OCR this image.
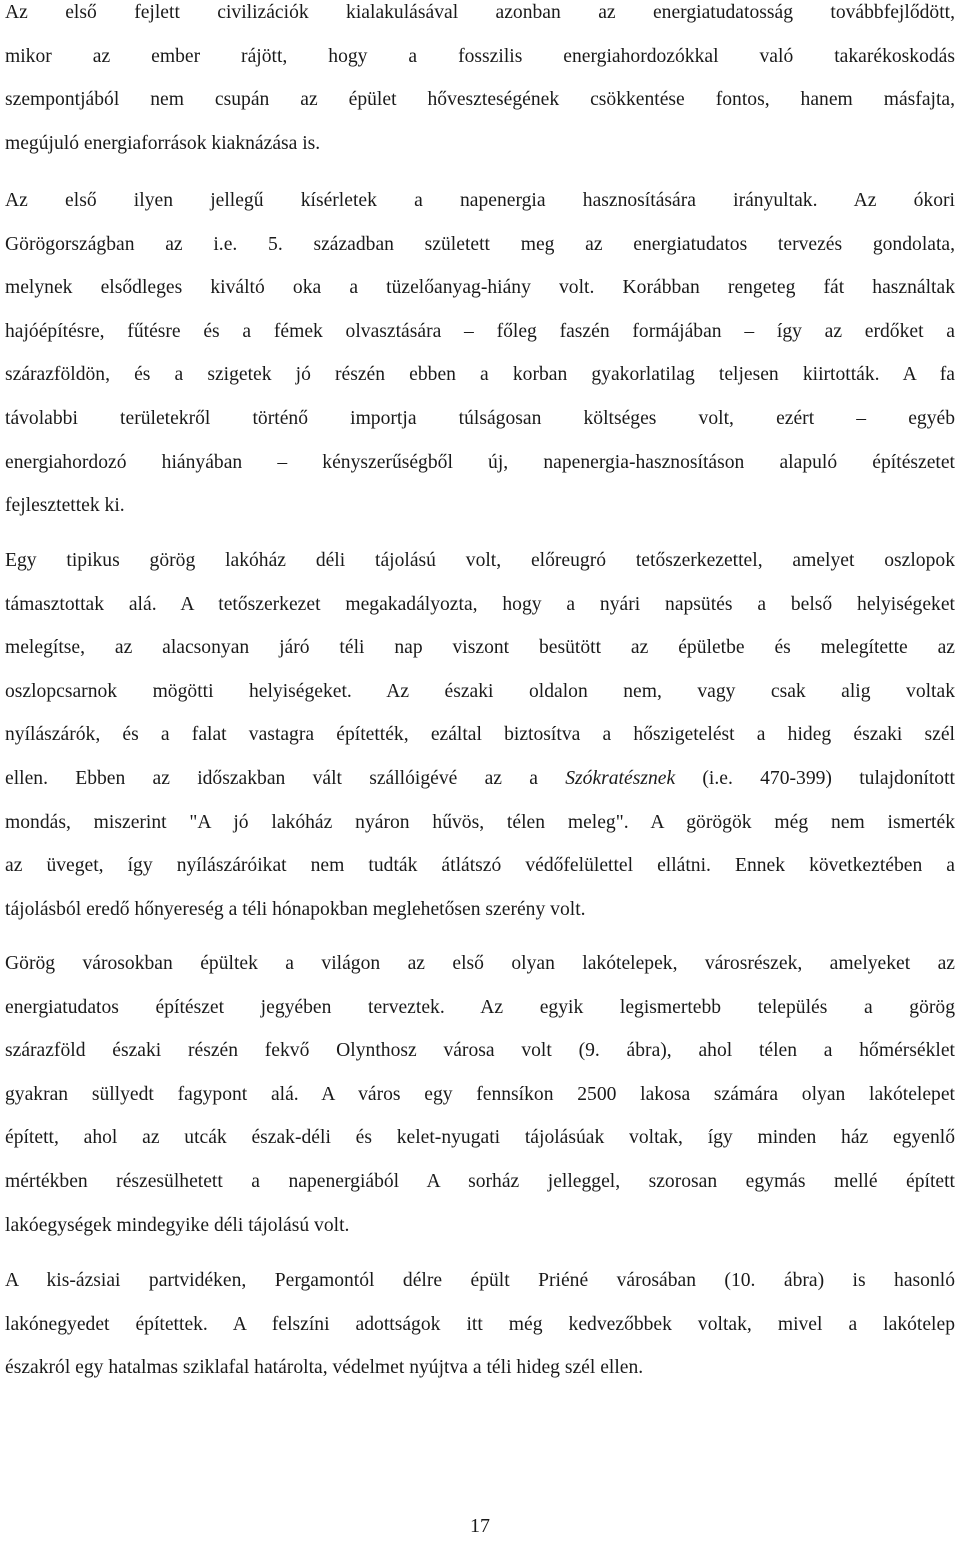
Az első fejlett civilizációk kialakulásával azonban az energiatudatosság továbbfejlődött,
mikor az ember rájött, hogy a fosszilis energiahordozókkal való takarékoskodás
szempontjából nem csupán az épület hőveszteségének csökkentése fontos, hanem másfajta,
megújuló energiaforrások kiaknázása is.
Az első ilyen jellegű kísérletek a napenergia hasznosítására irányultak. Az ókori
Görögországban az i.e. 5. században született meg az energiatudatos tervezés gondolata,
melynek elsődleges kiváltó oka a tüzelőanyag-hiány volt. Korábban rengeteg fát használtak
hajóépítésre, fűtésre és a fémek olvasztására – főleg faszén formájában – így az erdőket a
szárazföldön, és a szigetek jó részén ebben a korban gyakorlatilag teljesen kiirtották. A fa
távolabbi területekről történő importja túlságosan költséges volt, ezért – egyéb
energiahordozó hiányában – kényszerűségből új, napenergia-hasznosításon alapuló építészetet
fejlesztettek ki.
Egy tipikus görög lakóház déli tájolású volt, előreugró tetőszerkezettel, amelyet oszlopok
támasztottak alá. A tetőszerkezet megakadályozta, hogy a nyári napsütés a belső helyiségeket
melegítse, az alacsonyan járó téli nap viszont besütött az épületbe és melegítette az
oszlopcsarnok mögötti helyiségeket. Az északi oldalon nem, vagy csak alig voltak
nyílászárók, és a falat vastagra építették, ezáltal biztosítva a hőszigetelést a hideg északi szél
ellen. Ebben az időszakban vált szállóigévé az a Szókratésznek (i.e. 470-399) tulajdonított
mondás, miszerint "A jó lakóház nyáron hűvös, télen meleg". A görögök még nem ismerték
az üveget, így nyílászáróikat nem tudták átlátszó védőfelülettel ellátni. Ennek következtében a
tájolásból eredő hőnyereség a téli hónapokban meglehetősen szerény volt.
Görög városokban épültek a világon az első olyan lakótelepek, városrészek, amelyeket az
energiatudatos építészet jegyében terveztek. Az egyik legismertebb település a görög
szárazföld északi részén fekvő Olynthosz városa volt (9. ábra), ahol télen a hőmérséklet
gyakran süllyedt fagypont alá. A város egy fennsíkon 2500 lakosa számára olyan lakótelepet
épített, ahol az utcák észak-déli és kelet-nyugati tájolásúak voltak, így minden ház egyenlő
mértékben részesülhetett a napenergiából A sorház jelleggel, szorosan egymás mellé épített
lakóegységek mindegyike déli tájolású volt.
A kis-ázsiai partvidéken, Pergamontól délre épült Priéné városában (10. ábra) is hasonló
lakónegyedet építettek. A felszíni adottságok itt még kedvezőbbek voltak, mivel a lakótelep
északról egy hatalmas sziklafal határolta, védelmet nyújtva a téli hideg szél ellen.
17
